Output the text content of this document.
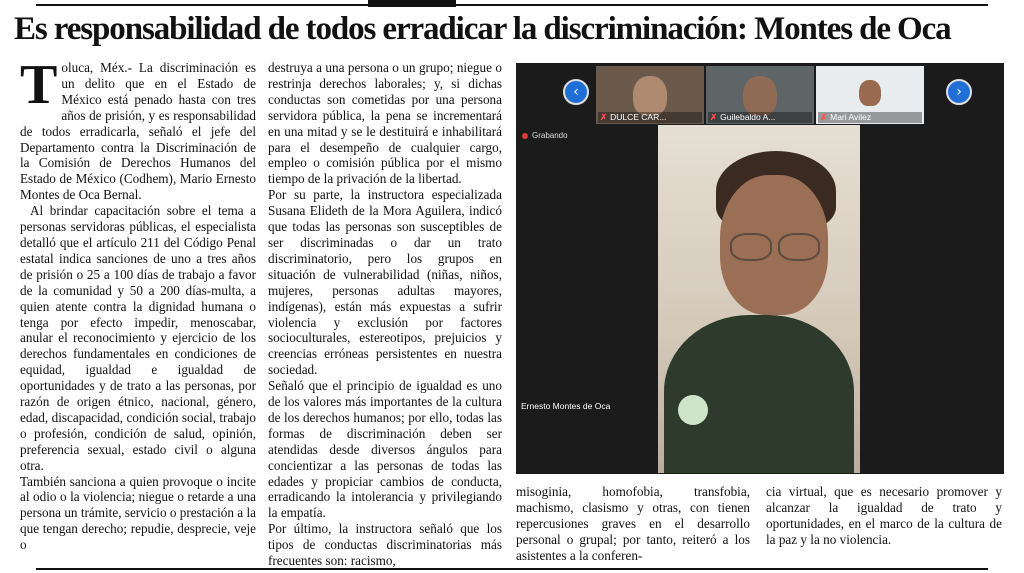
Es responsabilidad de todos erradicar la discriminación: Montes de Oca

Toluca, Méx.- La discriminación es un delito que en el Estado de México está penado hasta con tres años de prisión, y es responsabilidad de todos erradicarla, señaló el jefe del Departamento contra la Discriminación de la Comisión de Derechos Humanos del Estado de México (Codhem), Mario Ernesto Montes de Oca Bernal.

Al brindar capacitación sobre el tema a personas servidoras públicas, el especialista detalló que el artículo 211 del Código Penal estatal indica sanciones de uno a tres años de prisión o 25 a 100 días de trabajo a favor de la comunidad y 50 a 200 días-multa, a quien atente contra la dignidad humana o tenga por efecto impedir, menoscabar, anular el reconocimiento y ejercicio de los derechos fundamentales en condiciones de equidad, igualdad e igualdad de oportunidades y de trato a las personas, por razón de origen étnico, nacional, género, edad, discapacidad, condición social, trabajo o profesión, condición de salud, opinión, preferencia sexual, estado civil o alguna otra.

También sanciona a quien provoque o incite al odio o la violencia; niegue o retarde a una persona un trámite, servicio o prestación a la que tengan derecho; repudie, desprecie, veje o

destruya a una persona o un grupo; niegue o restrinja derechos laborales; y, si dichas conductas son cometidas por una persona servidora pública, la pena se incrementará en una mitad y se le destituirá e inhabilitará para el desempeño de cualquier cargo, empleo o comisión pública por el mismo tiempo de la privación de la libertad.

Por su parte, la instructora especializada Susana Elideth de la Mora Aguilera, indicó que todas las personas son susceptibles de ser discriminadas o dar un trato discriminatorio, pero los grupos en situación de vulnerabilidad (niñas, niños, mujeres, personas adultas mayores, indígenas), están más expuestas a sufrir violencia y exclusión por factores socioculturales, estereotipos, prejuicios y creencias erróneas persistentes en nuestra sociedad.

Señaló que el principio de igualdad es uno de los valores más importantes de la cultura de los derechos humanos; por ello, todas las formas de discriminación deben ser atendidas desde diversos ángulos para concientizar a las personas de todas las edades y propiciar cambios de conducta, erradicando la intolerancia y privilegiando la empatía.

Por último, la instructora señaló que los tipos de conductas discriminatorias más frecuentes son: racismo,

‹
✗ DULCE CAR...	✗ Guilebaldo A...	✗ Mari Avilez
›
Grabando
Ernesto Montes de Oca

misoginia, homofobia, transfobia, machismo, clasismo y otras, con tienen repercusiones graves en el desarrollo personal o grupal; por tanto, reiteró a los asistentes a la conferen-

cia virtual, que es necesario promover y alcanzar la igualdad de trato y oportunidades, en el marco de la cultura de la paz y la no violencia.
